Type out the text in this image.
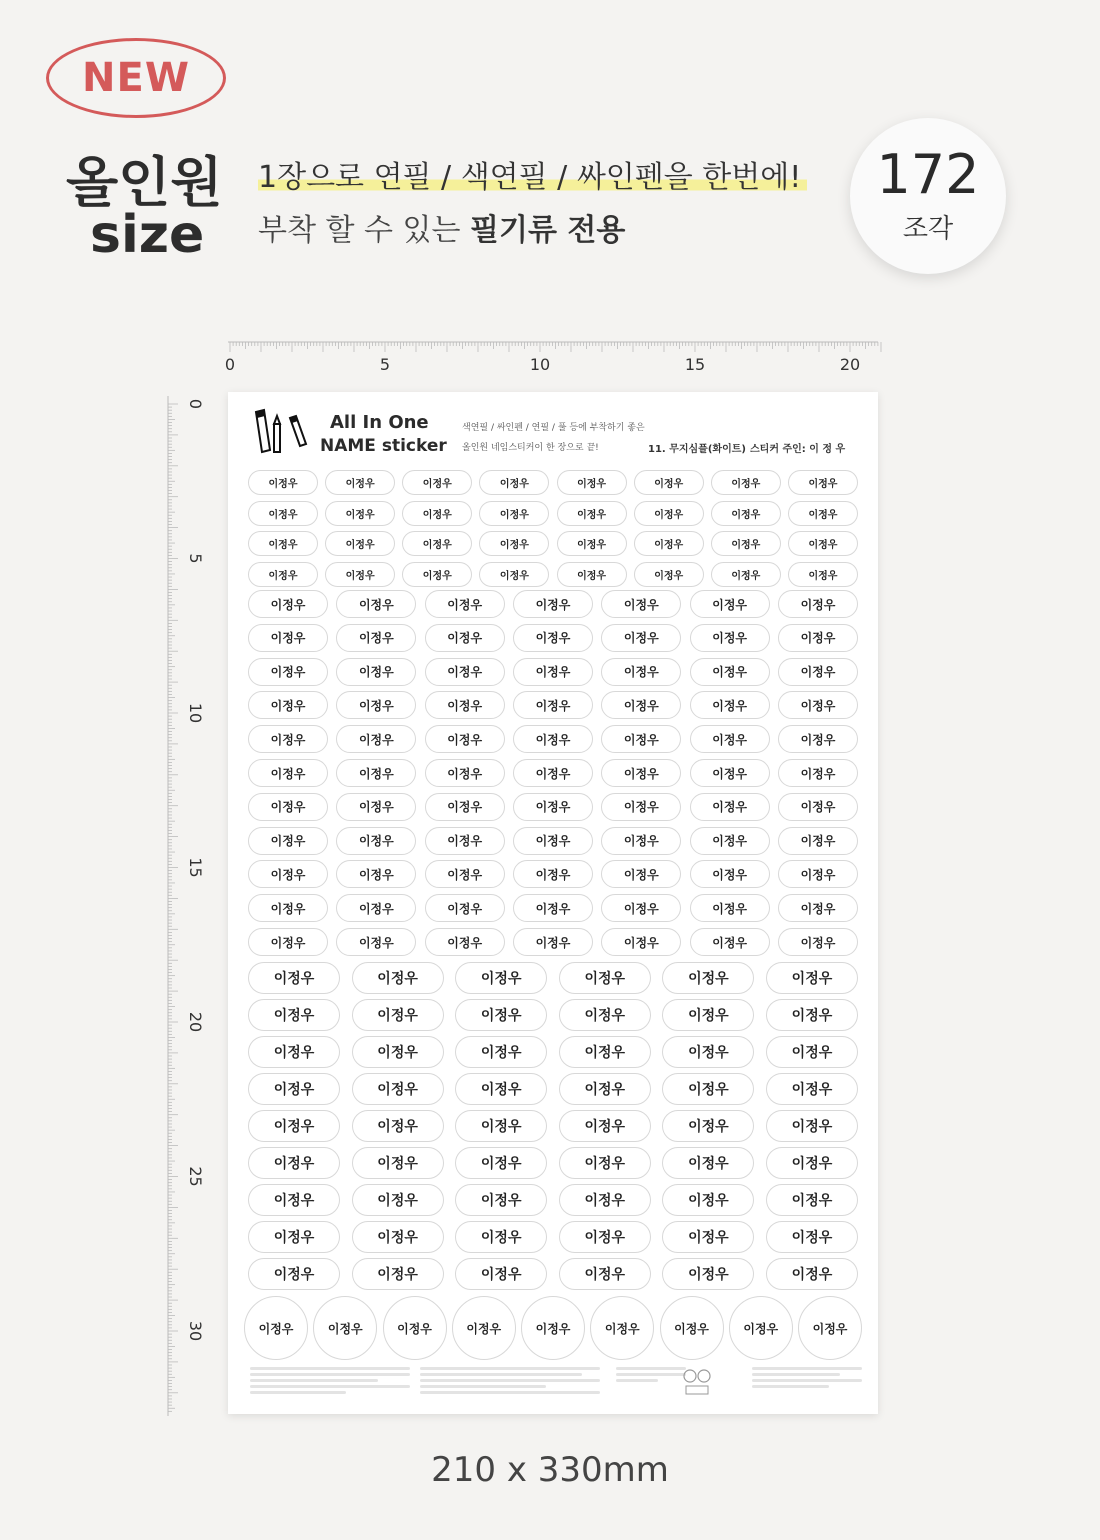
NEW
올인원
size
1장으로 연필 / 색연필 / 싸인펜을 한번에!
부착 할 수 있는 필기류 전용
172
조각
0	5	10	15	20
0
5
10
15
20
25
30
All In One
NAME sticker
색연필 / 싸인펜 / 연필 / 풀 등에 부착하기 좋은
올인원 네임스티커이 한 장으로 끝!	11. 무지심플(화이트) 스티커 주인: 이 정 우
이정우	이정우	이정우	이정우	이정우	이정우	이정우	이정우
이정우	이정우	이정우	이정우	이정우	이정우	이정우	이정우
이정우	이정우	이정우	이정우	이정우	이정우	이정우	이정우
이정우	이정우	이정우	이정우	이정우	이정우	이정우	이정우
이정우	이정우	이정우	이정우	이정우	이정우	이정우
이정우	이정우	이정우	이정우	이정우	이정우	이정우
이정우	이정우	이정우	이정우	이정우	이정우	이정우
이정우	이정우	이정우	이정우	이정우	이정우	이정우
이정우	이정우	이정우	이정우	이정우	이정우	이정우
이정우	이정우	이정우	이정우	이정우	이정우	이정우
이정우	이정우	이정우	이정우	이정우	이정우	이정우
이정우	이정우	이정우	이정우	이정우	이정우	이정우
이정우	이정우	이정우	이정우	이정우	이정우	이정우
이정우	이정우	이정우	이정우	이정우	이정우	이정우
이정우	이정우	이정우	이정우	이정우	이정우	이정우
이정우	이정우	이정우	이정우	이정우	이정우
이정우	이정우	이정우	이정우	이정우	이정우
이정우	이정우	이정우	이정우	이정우	이정우
이정우	이정우	이정우	이정우	이정우	이정우
이정우	이정우	이정우	이정우	이정우	이정우
이정우	이정우	이정우	이정우	이정우	이정우
이정우	이정우	이정우	이정우	이정우	이정우
이정우	이정우	이정우	이정우	이정우	이정우
이정우	이정우	이정우	이정우	이정우	이정우
이정우	이정우	이정우	이정우	이정우	이정우	이정우	이정우	이정우
210 x 330mm
